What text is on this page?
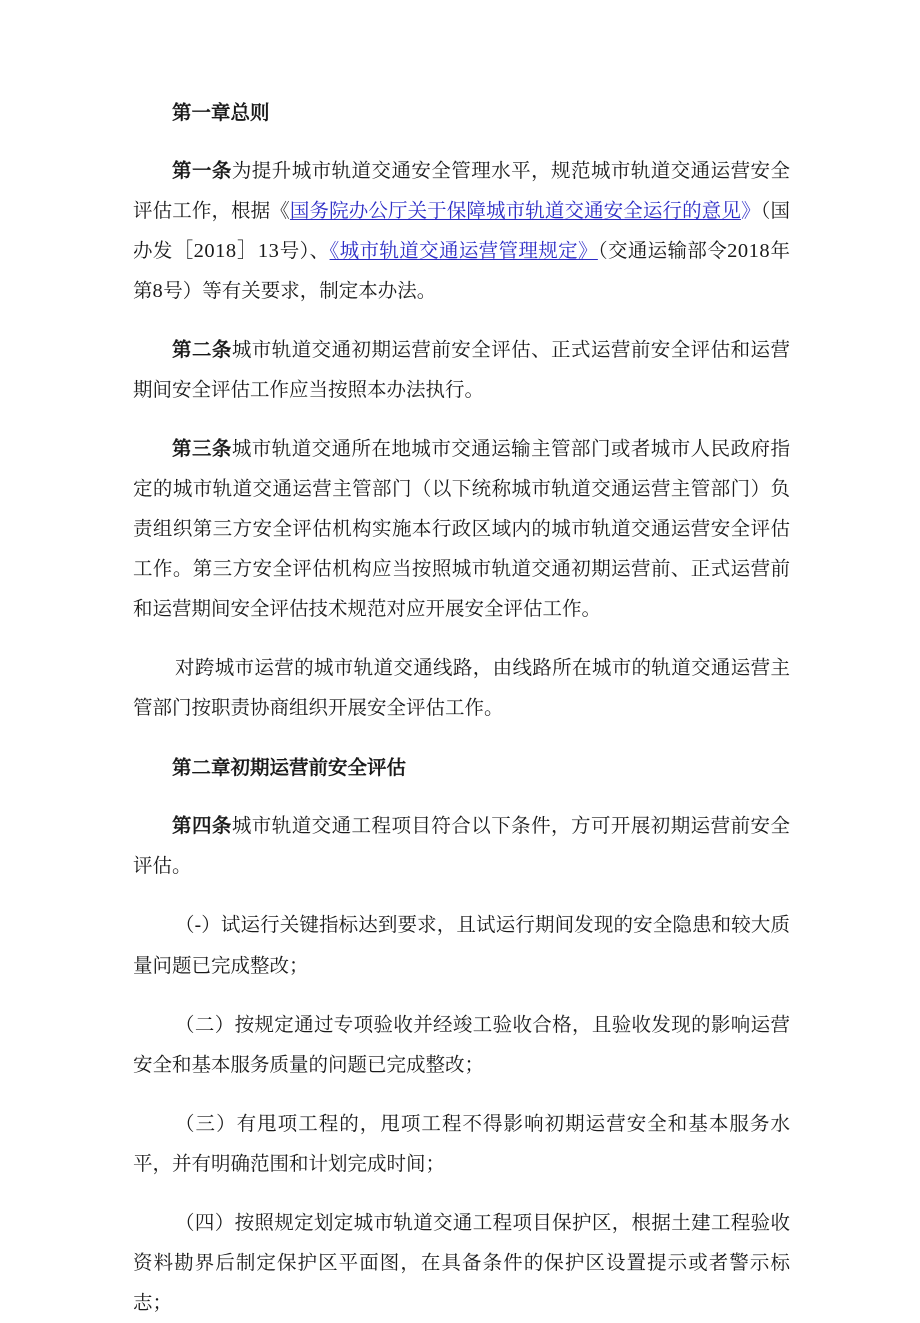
第一章总则

第一条为提升城市轨道交通安全管理水平，规范城市轨道交通运营安全评估工作，根据《国务院办公厅关于保障城市轨道交通安全运行的意见》（国办发［2018］13号）、《城市轨道交通运营管理规定》（交通运输部令2018年第8号）等有关要求，制定本办法。

第二条城市轨道交通初期运营前安全评估、正式运营前安全评估和运营期间安全评估工作应当按照本办法执行。

第三条城市轨道交通所在地城市交通运输主管部门或者城市人民政府指定的城市轨道交通运营主管部门（以下统称城市轨道交通运营主管部门）负责组织第三方安全评估机构实施本行政区域内的城市轨道交通运营安全评估工作。第三方安全评估机构应当按照城市轨道交通初期运营前、正式运营前和运营期间安全评估技术规范对应开展安全评估工作。

对跨城市运营的城市轨道交通线路，由线路所在城市的轨道交通运营主管部门按职责协商组织开展安全评估工作。

第二章初期运营前安全评估

第四条城市轨道交通工程项目符合以下条件，方可开展初期运营前安全评估。

（-）试运行关键指标达到要求，且试运行期间发现的安全隐患和较大质量问题已完成整改；

（二）按规定通过专项验收并经竣工验收合格，且验收发现的影响运营安全和基本服务质量的问题已完成整改；

（三）有甩项工程的，甩项工程不得影响初期运营安全和基本服务水平，并有明确范围和计划完成时间；

（四）按照规定划定城市轨道交通工程项目保护区，根据土建工程验收资料勘界后制定保护区平面图，在具备条件的保护区设置提示或者警示标志；
